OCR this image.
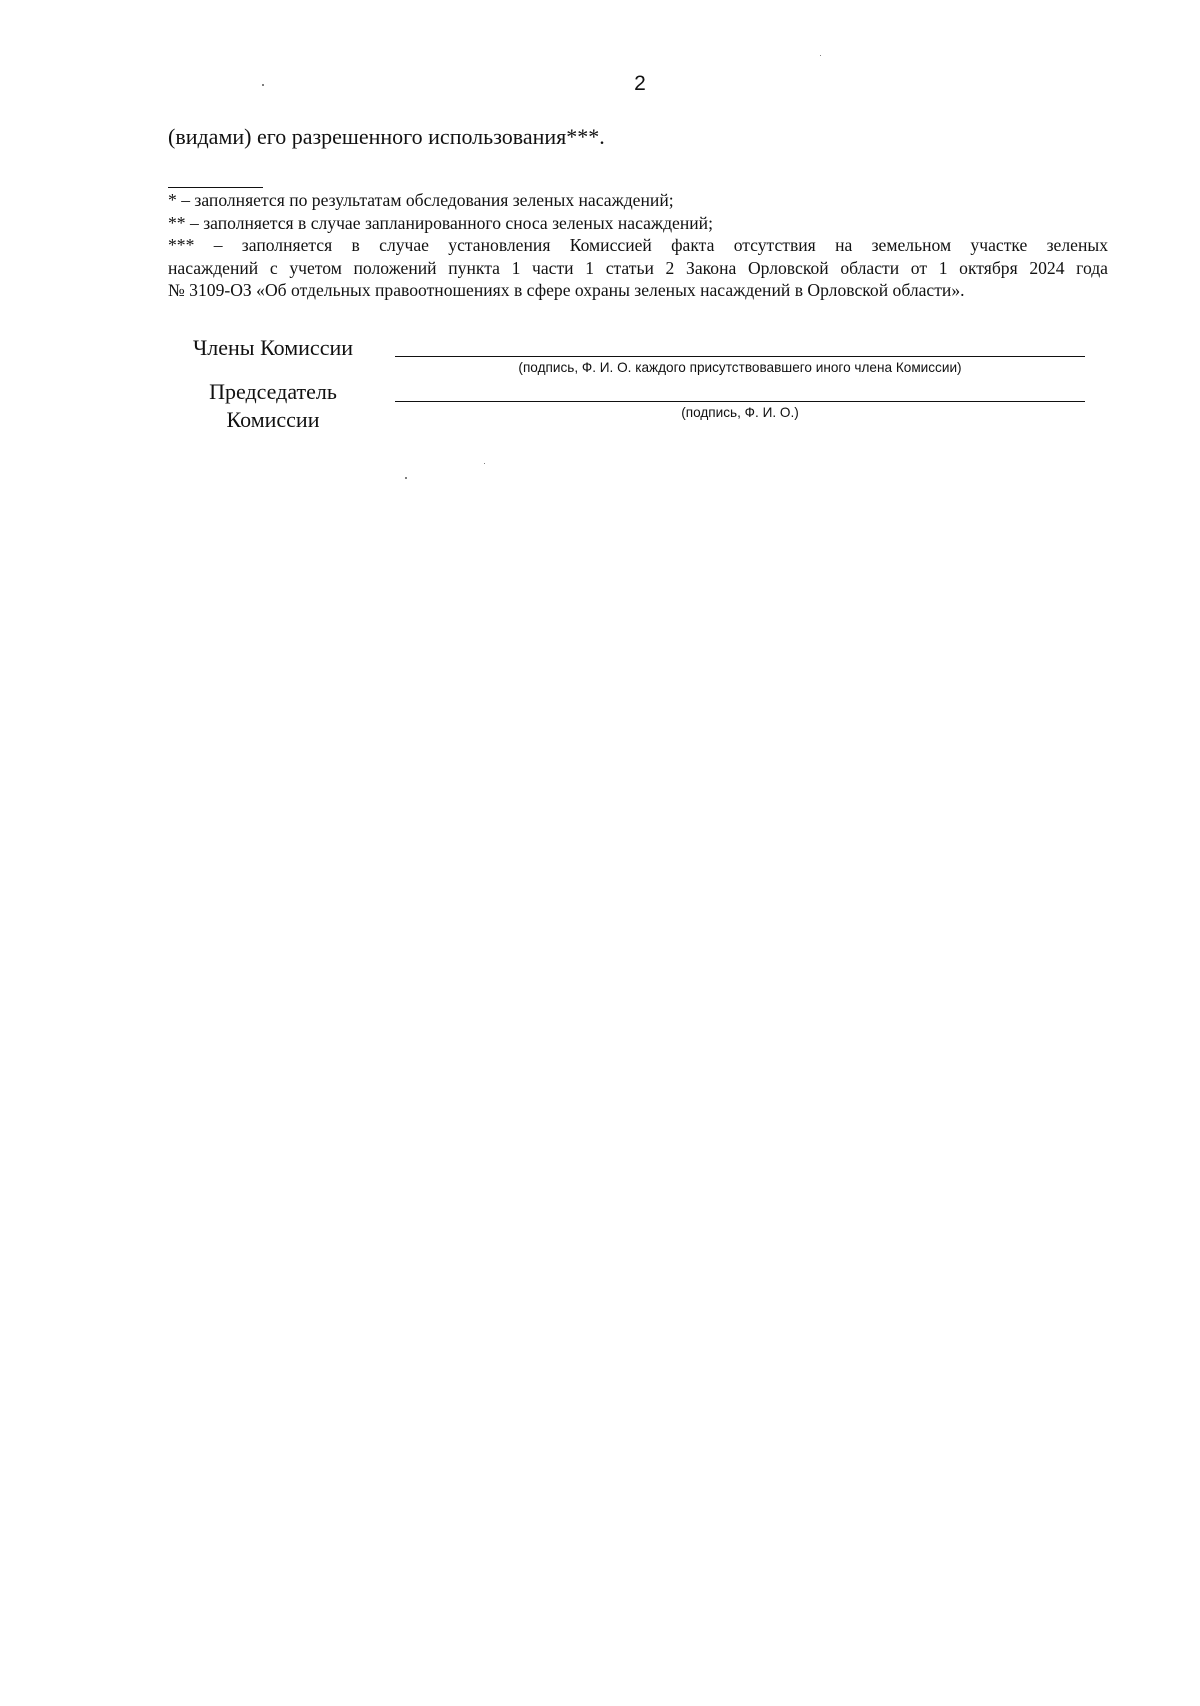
2
(видами) его разрешенного использования***.

* – заполняется по результатам обследования зеленых насаждений;

** – заполняется в случае запланированного сноса зеленых насаждений;

*** – заполняется в случае установления Комиссией факта отсутствия на земельном участке зеленых

насаждений с учетом положений пункта 1 части 1 статьи 2 Закона Орловской области от 1 октября 2024 года

№ 3109-ОЗ «Об отдельных правоотношениях в сфере охраны зеленых насаждений в Орловской области».

Члены Комиссии
(подпись, Ф. И. О. каждого присутствовавшего иного члена Комиссии)
Председатель
Комиссии	(подпись, Ф. И. О.)
